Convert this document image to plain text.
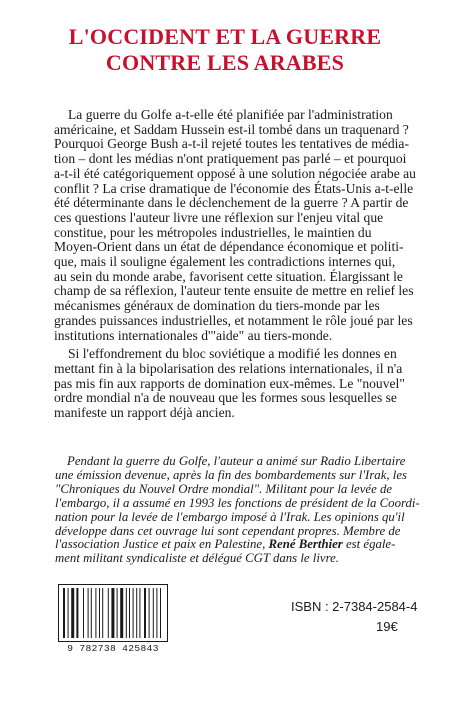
L'OCCIDENT ET LA GUERRE
CONTRE LES ARABES
La guerre du Golfe a-t-elle été planifiée par l'administration
américaine, et Saddam Hussein est-il tombé dans un traquenard ?
Pourquoi George Bush a-t-il rejeté toutes les tentatives de média-
tion – dont les médias n'ont pratiquement pas parlé – et pourquoi
a-t-il été catégoriquement opposé à une solution négociée arabe au
conflit ? La crise dramatique de l'économie des États-Unis a-t-elle
été déterminante dans le déclenchement de la guerre ? A partir de
ces questions l'auteur livre une réflexion sur l'enjeu vital que
constitue, pour les métropoles industrielles, le maintien du
Moyen-Orient dans un état de dépendance économique et politi-
que, mais il souligne également les contradictions internes qui,
au sein du monde arabe, favorisent cette situation. Élargissant le
champ de sa réflexion, l'auteur tente ensuite de mettre en relief les
mécanismes généraux de domination du tiers-monde par les
grandes puissances industrielles, et notamment le rôle joué par les
institutions internationales d'"aide" au tiers-monde.
Si l'effondrement du bloc soviétique a modifié les donnes en
mettant fin à la bipolarisation des relations internationales, il n'a
pas mis fin aux rapports de domination eux-mêmes. Le "nouvel"
ordre mondial n'a de nouveau que les formes sous lesquelles se
manifeste un rapport déjà ancien.
Pendant la guerre du Golfe, l'auteur a animé sur Radio Libertaire
une émission devenue, après la fin des bombardements sur l'Irak, les
"Chroniques du Nouvel Ordre mondial". Militant pour la levée de
l'embargo, il a assumé en 1993 les fonctions de président de la Coordi-
nation pour la levée de l'embargo imposé à l'Irak. Les opinions qu'il
développe dans cet ouvrage lui sont cependant propres. Membre de
l'association Justice et paix en Palestine, René Berthier est égale-
ment militant syndicaliste et délégué CGT dans le livre.
ISBN : 2-7384-2584-4
19€
9 782738 425843
